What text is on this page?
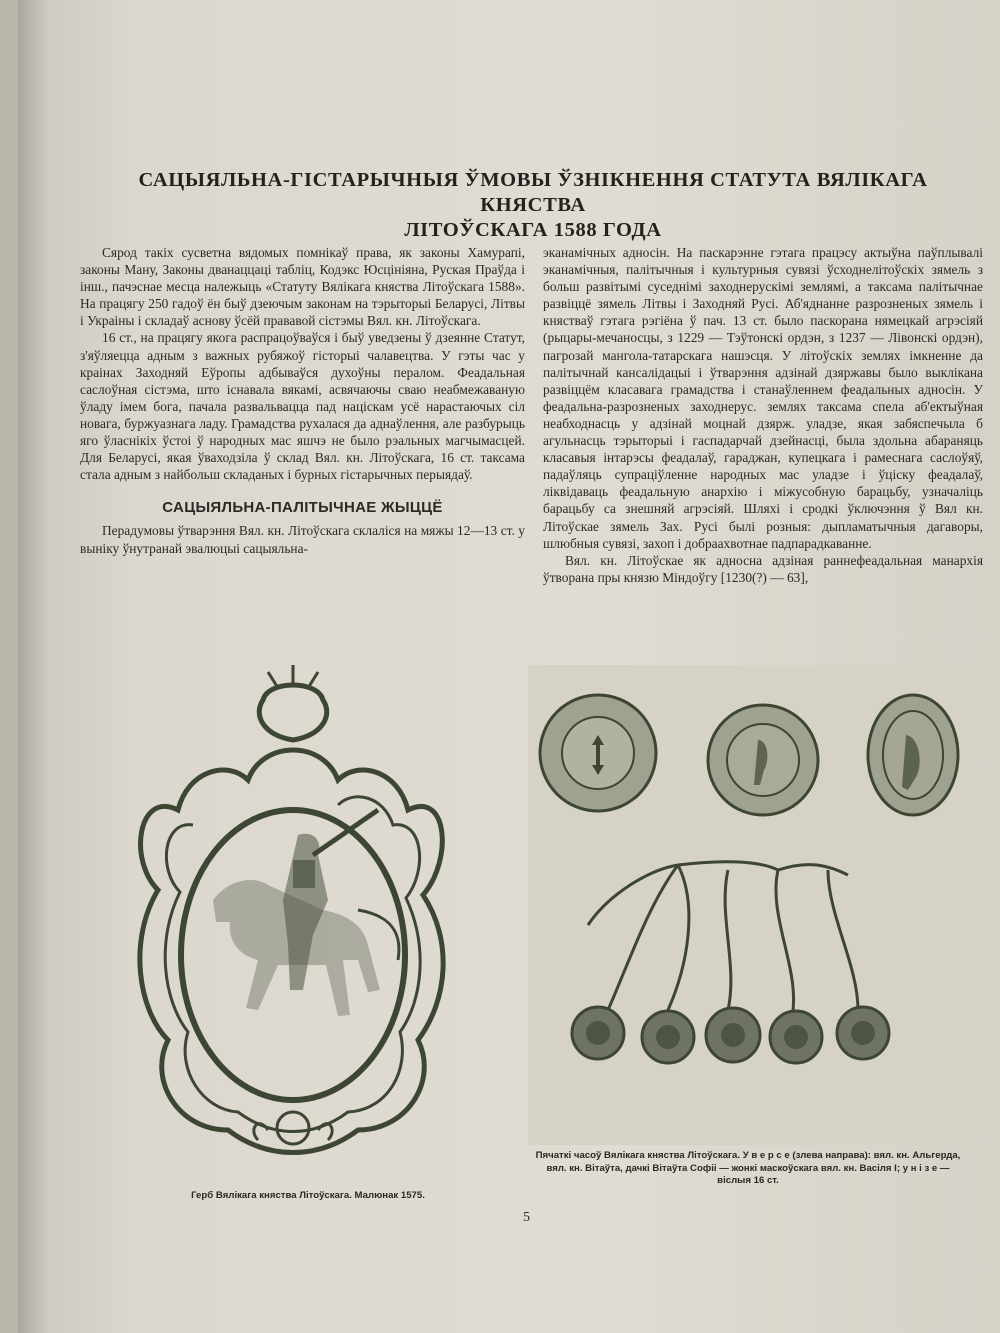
САЦЫЯЛЬНА-ГІСТАРЫЧНЫЯ ЎМОВЫ ЎЗНІКНЕННЯ СТАТУТА ВЯЛІКАГА КНЯСТВА
ЛІТОЎСКАГА 1588 ГОДА

Сярод такіх сусветна вядомых помнікаў права, як законы Хамурапі, законы Ману, Законы дванаццаці табліц, Кодэкс Юсцініяна, Руская Праўда і інш., пачэснае месца належыць «Статуту Вялікага княства Літоўскага 1588». На працягу 250 гадоў ён быў дзеючым законам на тэрыторыі Беларусі, Літвы і Украіны і складаў аснову ўсёй прававой сістэмы Вял. кн. Літоўскага.

16 ст., на працягу якога распрацоўваўся і быў уведзены ў дзеянне Статут, з'яўляецца адным з важных рубяжоў гісторыі чалавецтва. У гэты час у краінах Заходняй Еўропы адбываўся духоўны пералом. Феадальная саслоўная сістэма, што існавала вякамі, асвячаючы сваю неабмежаваную ўладу імем бога, пачала развальвацца пад націскам усё нарастаючых сіл новага, буржуазнага ладу. Грамадства рухалася да аднаўлення, але разбурыць яго ўласнікіх ўстоі ў народных мас яшчэ не было рэальных магчымасцей. Для Беларусі, якая ўваходзіла ў склад Вял. кн. Літоўскага, 16 ст. таксама стала адным з найбольш складаных і бурных гістарычных перыядаў.

САЦЫЯЛЬНА-ПАЛІТЫЧНАЕ ЖЫЦЦЁ

Перадумовы ўтварэння Вял. кн. Літоўскага склаліся на мяжы 12—13 ст. у выніку ўнутранай эвалюцыі сацыяльна-

эканамічных адносін. На паскарэнне гэтага працэсу актыўна паўплывалі эканамічныя, палітычныя і культурныя сувязі ўсходнелітоўскіх зямель з больш развітымі суседнімі заходнерускімі землямі, а таксама палітычнае развіццё зямель Літвы і Заходняй Русі. Аб'яднанне разрозненых зямель і княстваў гэтага рэгіёна ў пач. 13 ст. было паскорана нямецкай агрэсіяй (рыцары-мечаносцы, з 1229 — Тэўтонскі ордэн, з 1237 — Лівонскі ордэн), пагрозай мангола-татарскага нашэсця. У літоўскіх землях імкненне да палітычнай кансалідацыі і ўтварэння адзінай дзяржавы было выклікана развіццём класавага грамадства і станаўленнем феадальных адносін. У феадальна-разрозненых заходнерус. землях таксама спела аб'ектыўная неабходнасць у адзінай моцнай дзярж. уладзе, якая забяспечыла б агульнасць тэрыторыі і гаспадарчай дзейнасці, была здольна абараняць класавыя інтарэсы феадалаў, гараджан, купецкага і рамеснага саслоўяў, падаўляць супраціўленне народных мас уладзе і ўціску феадалаў, ліквідаваць феадальную анархію і міжусобную барацьбу, узначаліць барацьбу са знешняй агрэсіяй. Шляхі і сродкі ўключэння ў Вял кн. Літоўскае зямель Зах. Русі былі розныя: дыпламатычныя дагаворы, шлюбныя сувязі, захоп і добраахвотнае падпарадкаванне.

Вял. кн. Літоўскае як адносна адзіная раннефеадальная манархія ўтворана пры князю Міндоўгу [1230(?) — 63],

Герб Вялікага княства Літоўскага. Малюнак 1575.
Пячаткі часоў Вялікага княства Літоўскага. У в е р с е (злева направа): вял. кн. Альгерда, вял. кн. Вітаўта, дачкі Вітаўта Софіі — жонкі маскоўскага вял. кн. Васіля I; у н і з е — віслыя 16 ст.
5
